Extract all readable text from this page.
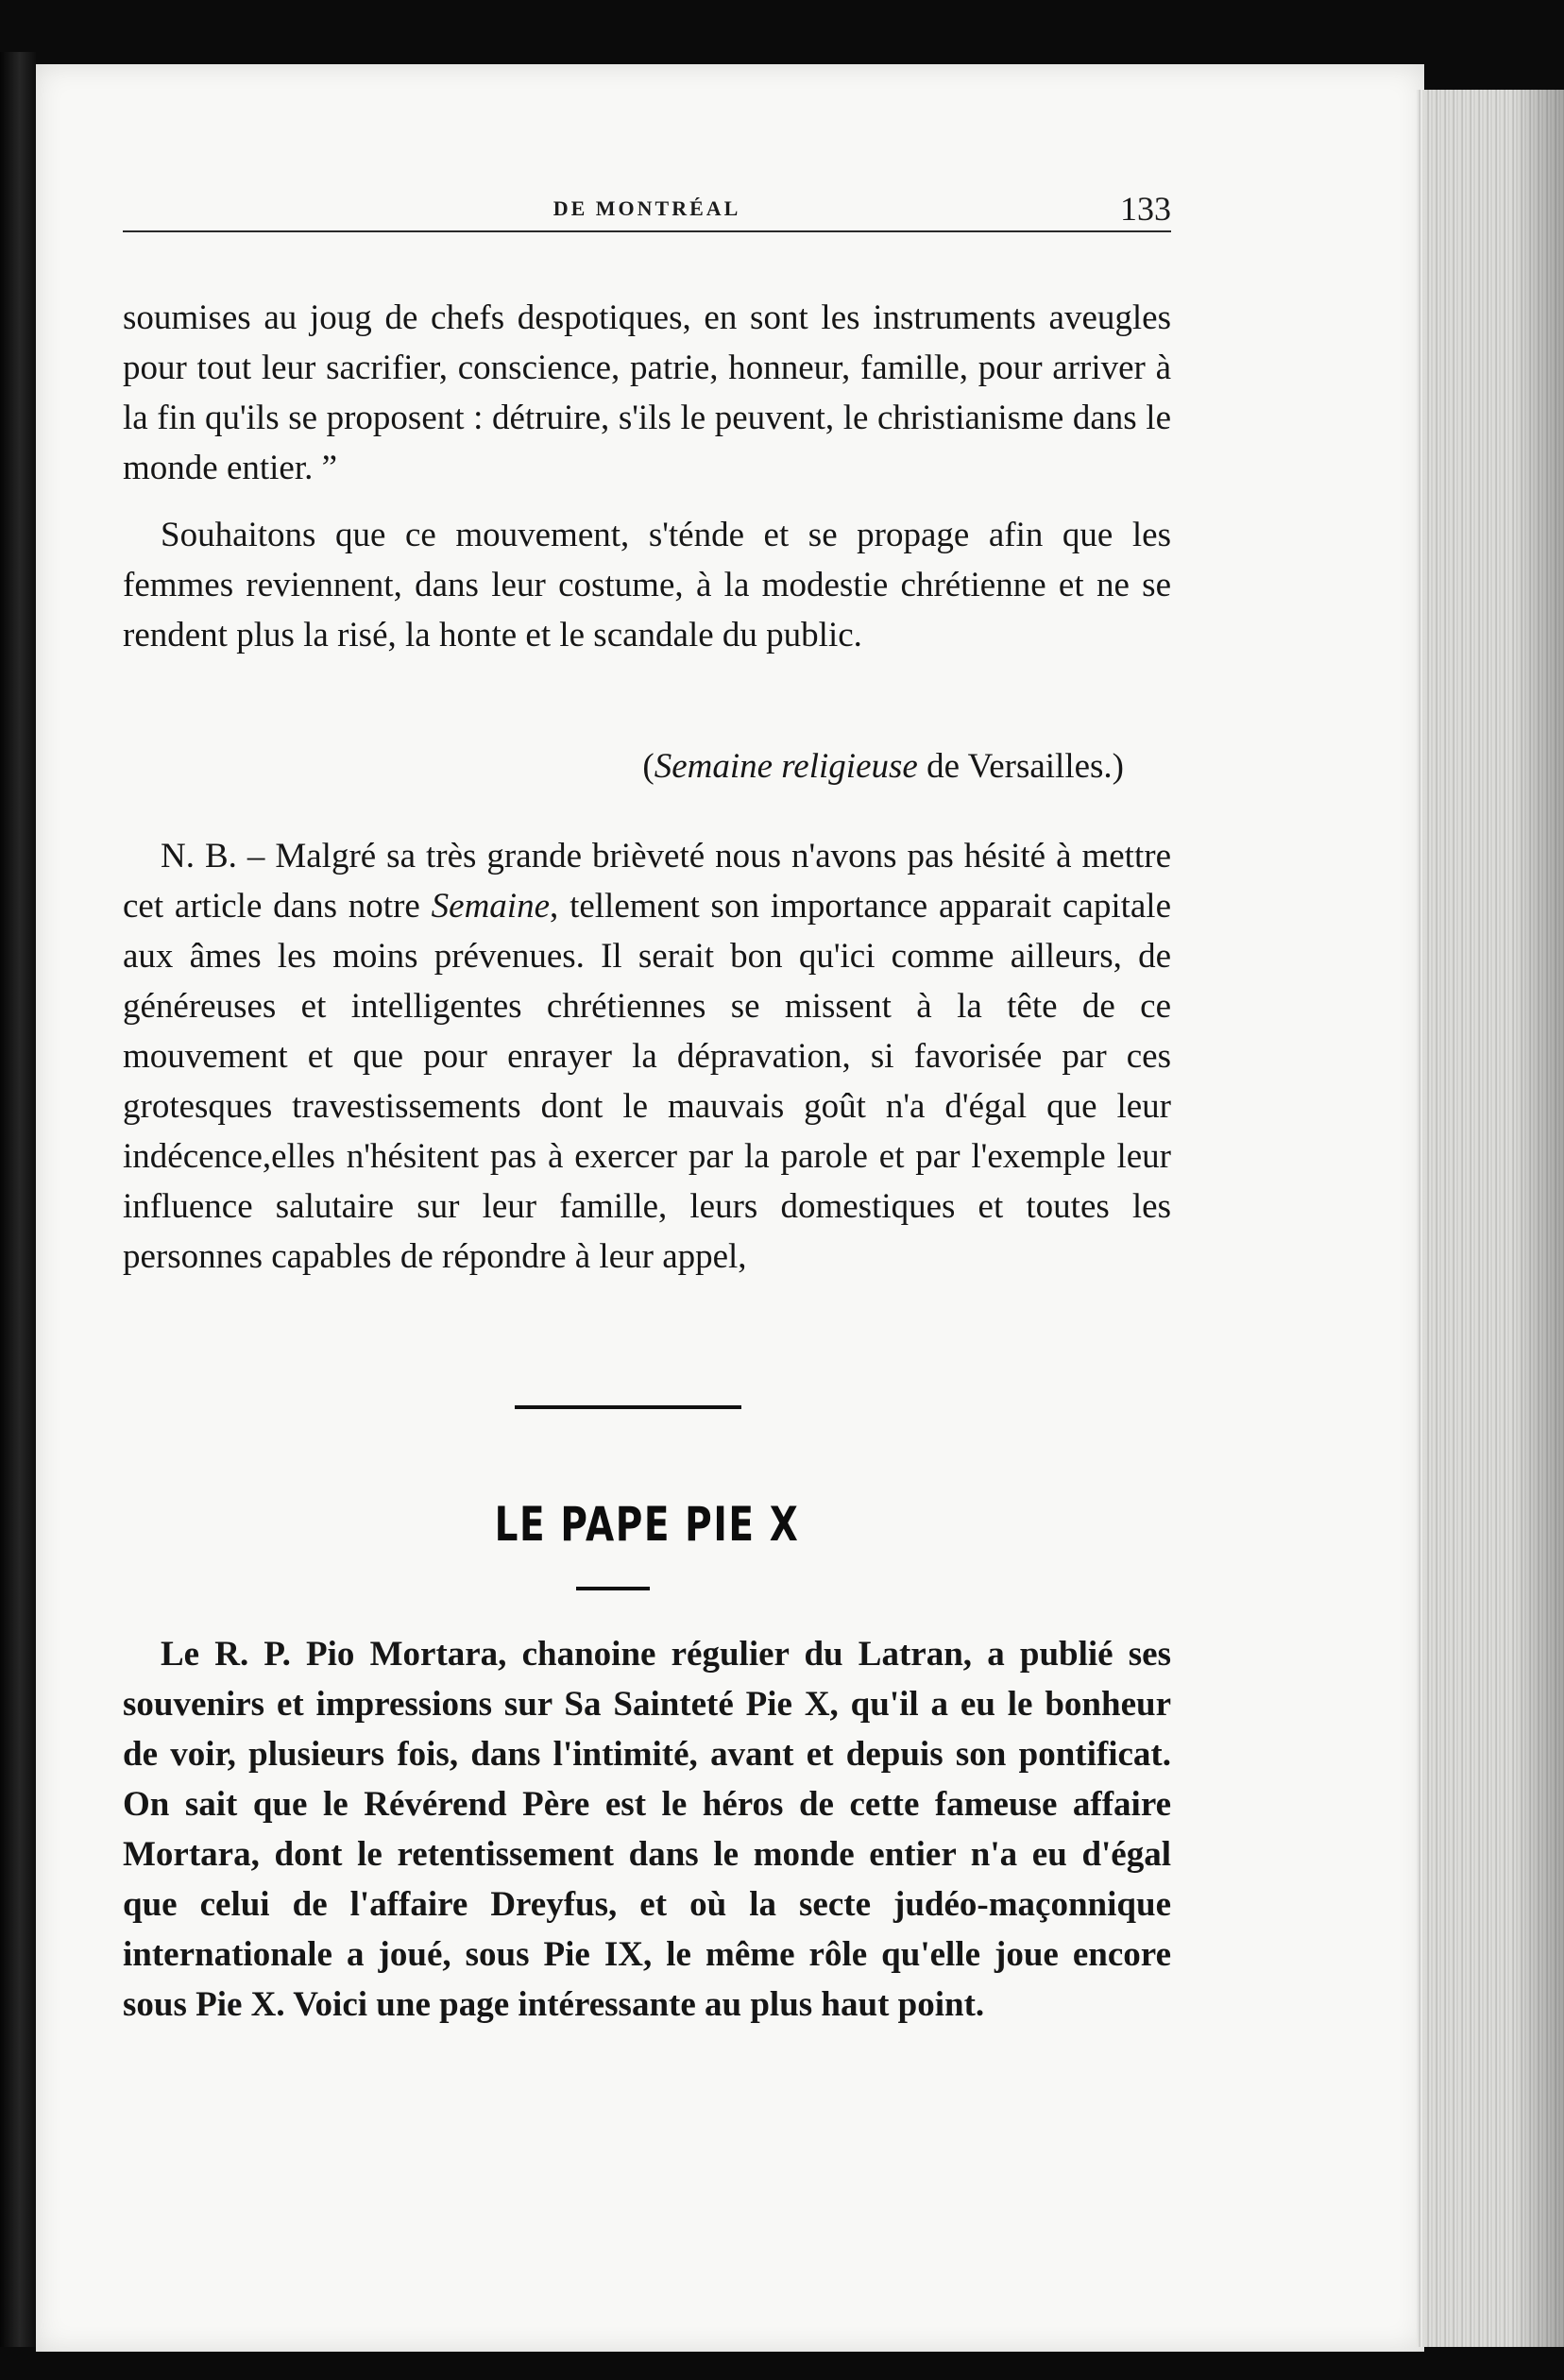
DE MONTRÉAL	133
soumises au joug de chefs despotiques, en sont les instruments aveugles pour tout leur sacrifier, conscience, patrie, honneur, famille, pour arriver à la fin qu'ils se proposent : détruire, s'ils le peuvent, le christianisme dans le monde entier. ”
Souhaitons que ce mouvement, s'ténde et se propage afin que les femmes reviennent, dans leur costume, à la modestie chrétienne et ne se rendent plus la risé, la honte et le scandale du public.
(Semaine religieuse de Versailles.)
N. B. – Malgré sa très grande brièveté nous n'avons pas hésité à mettre cet article dans notre Semaine, tellement son importance apparait capitale aux âmes les moins prévenues. Il serait bon qu'ici comme ailleurs, de généreuses et intelligentes chrétiennes se missent à la tête de ce mouvement et que pour enrayer la dépravation, si favorisée par ces grotesques travestissements dont le mauvais goût n'a d'égal que leur indécence,elles n'hésitent pas à exercer par la parole et par l'exemple leur influence salutaire sur leur famille, leurs domestiques et toutes les personnes capables de répondre à leur appel,
LE PAPE PIE X
Le R. P. Pio Mortara, chanoine régulier du Latran, a publié ses souvenirs et impressions sur Sa Sainteté Pie X, qu'il a eu le bonheur de voir, plusieurs fois, dans l'intimité, avant et depuis son pontificat. On sait que le Révérend Père est le héros de cette fameuse affaire Mortara, dont le retentissement dans le monde entier n'a eu d'égal que celui de l'affaire Dreyfus, et où la secte judéo-maçonnique internationale a joué, sous Pie IX, le même rôle qu'elle joue encore sous Pie X. Voici une page intéressante au plus haut point.
